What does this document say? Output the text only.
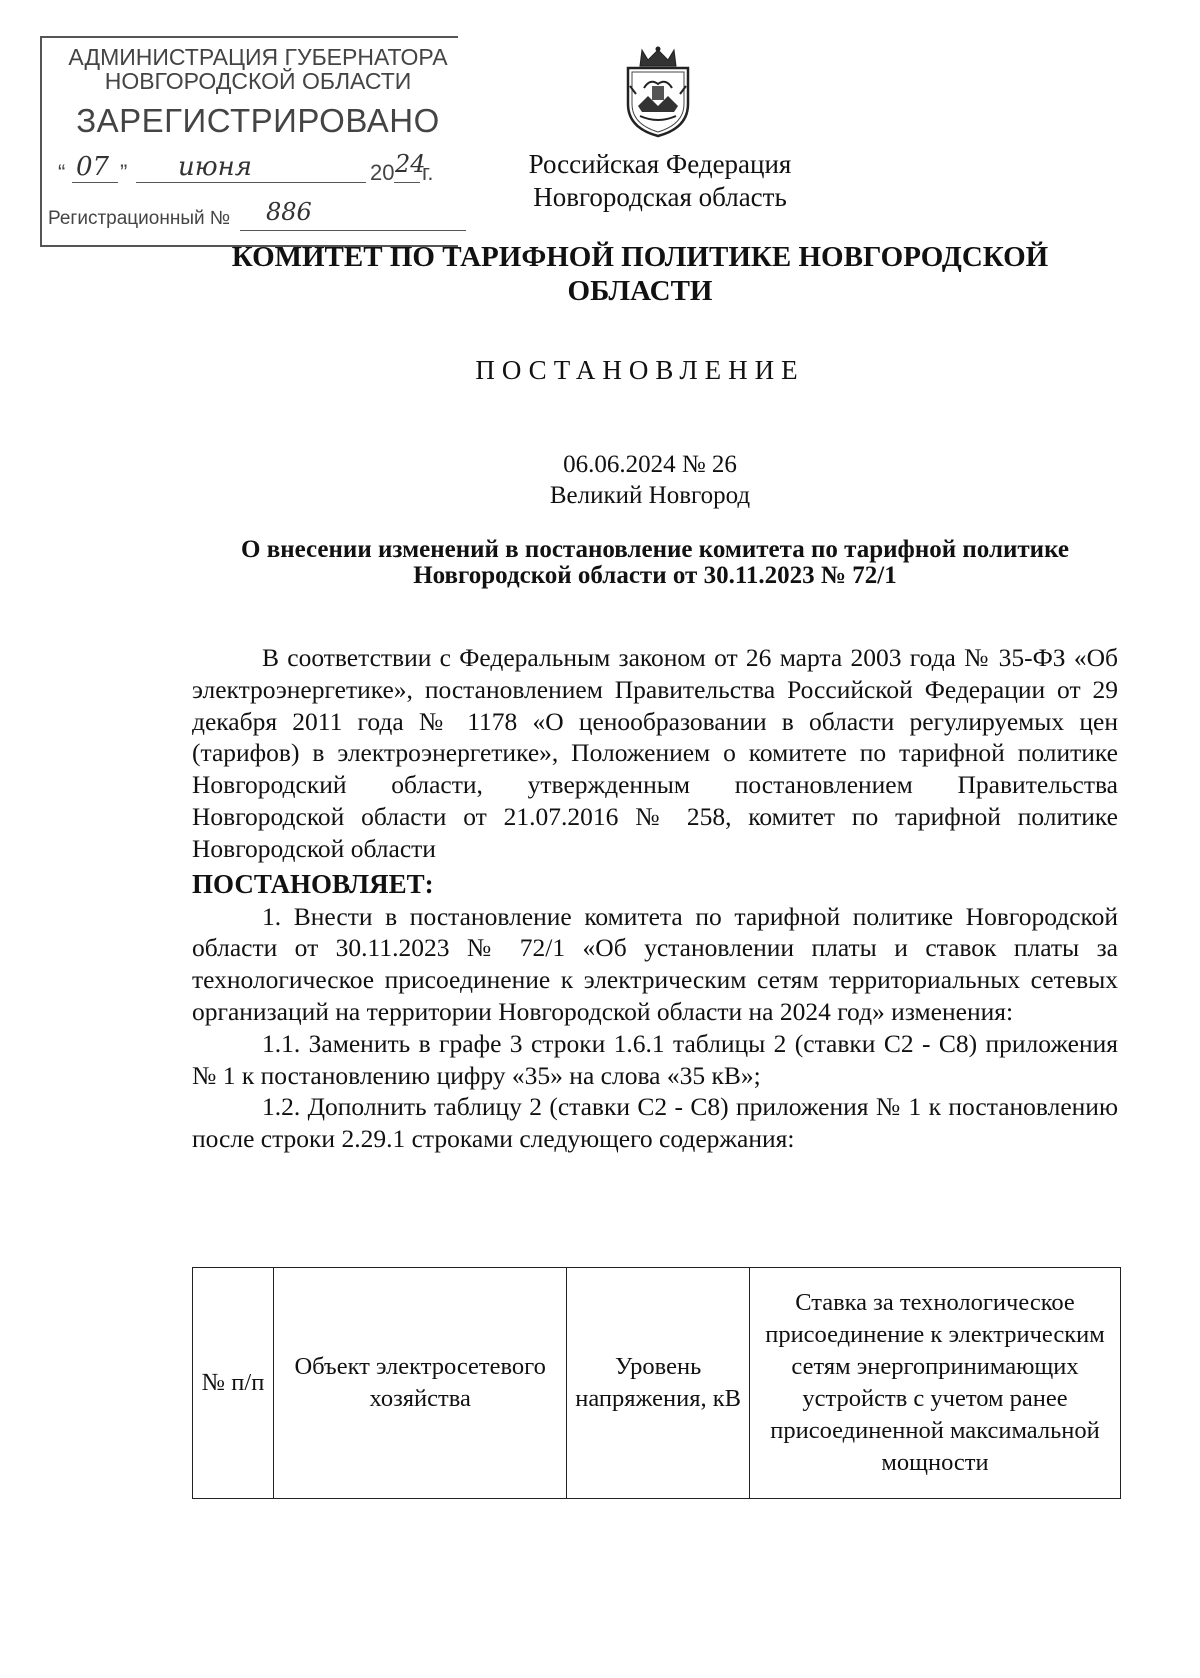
АДМИНИСТРАЦИЯ ГУБЕРНАТОРА
НОВГОРОДСКОЙ ОБЛАСТИ
ЗАРЕГИСТРИРОВАНО
“ 07 ” июня	20 24
г.
Регистрационный № 886
Российская Федерация
Новгородская область
КОМИТЕТ ПО ТАРИФНОЙ ПОЛИТИКЕ НОВГОРОДСКОЙ ОБЛАСТИ
ПОСТАНОВЛЕНИЕ
06.06.2024 № 26
Великий Новгород
О внесении изменений в постановление комитета по тарифной политике
Новгородской области от 30.11.2023 № 72/1

В соответствии с Федеральным законом от 26 марта 2003 года № 35-ФЗ «Об электроэнергетике», постановлением Правительства Российской Федерации от 29 декабря 2011 года № 1178 «О ценообразовании в области регулируемых цен (тарифов) в электроэнергетике», Положением о комитете по тарифной политике Новгородский области, утвержденным постановлением Правительства Новгородской области от 21.07.2016 № 258, комитет по тарифной политике Новгородской области

ПОСТАНОВЛЯЕТ:

1. Внести в постановление комитета по тарифной политике Новгородской области от 30.11.2023 № 72/1 «Об установлении платы и ставок платы за технологическое присоединение к электрическим сетям территориальных сетевых организаций на территории Новгородской области на 2024 год» изменения:

1.1. Заменить в графе 3 строки 1.6.1 таблицы 2 (ставки С2 - С8) приложения № 1 к постановлению цифру «35» на слова «35 кВ»;

1.2. Дополнить таблицу 2 (ставки С2 - С8) приложения № 1 к постановлению после строки 2.29.1 строками следующего содержания:

№ п/п	Объект электросетевого хозяйства	Уровень напряжения, кВ	Ставка за технологическое присоединение к электрическим сетям энергопринимающих устройств с учетом ранее присоединенной максимальной мощности
